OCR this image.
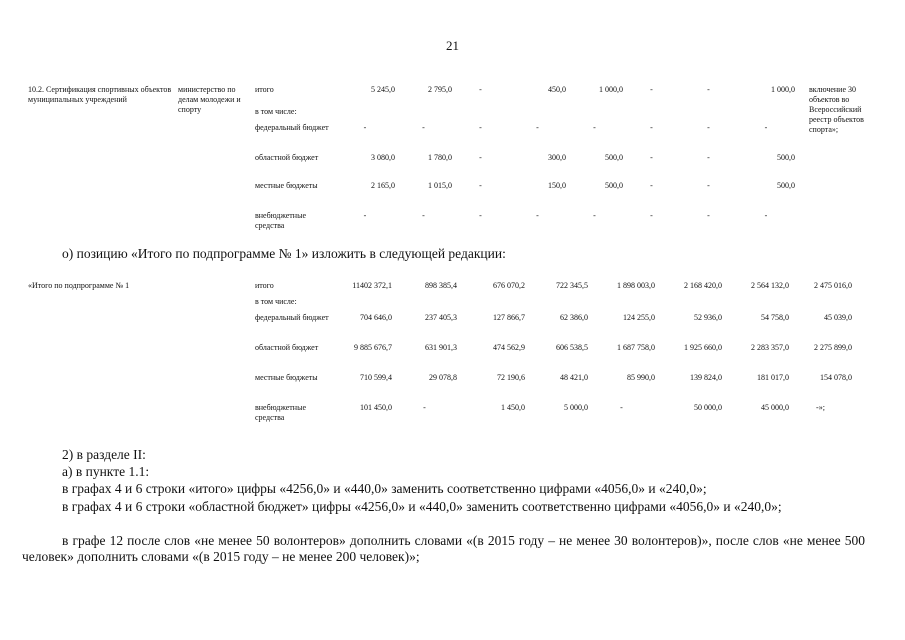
21
10.2. Сертификация спортивных объектов муниципальных учреждений	министерство по делам молодежи и спорту	итого	5 245,0	2 795,0	-	450,0	1 000,0	-	-	1 000,0	включение 30 объектов во Всероссийский реестр объектов спорта»;
		в том числе:									
		федеральный бюджет	-	-	-	-	-	-	-	-	
		областной бюджет	3 080,0	1 780,0	-	300,0	500,0	-	-	500,0	
		местные бюджеты	2 165,0	1 015,0	-	150,0	500,0	-	-	500,0	
		внебюджетные средства	-	-	-	-	-	-	-	-	
о) позицию «Итого по подпрограмме № 1» изложить в следующей редакции:
«Итого по подпрограмме № 1	итого	11402 372,1	898 385,4	676 070,2	722 345,5	1 898 003,0	2 168 420,0	2 564 132,0	2 475 016,0
	в том числе:								
	федеральный бюджет	704 646,0	237 405,3	127 866,7	62 386,0	124 255,0	52 936,0	54 758,0	45 039,0
	областной бюджет	9 885 676,7	631 901,3	474 562,9	606 538,5	1 687 758,0	1 925 660,0	2 283 357,0	2 275 899,0
	местные бюджеты	710 599,4	29 078,8	72 190,6	48 421,0	85 990,0	139 824,0	181 017,0	154 078,0
	внебюджетные средства	101 450,0	-	1 450,0	5 000,0	-	50 000,0	45 000,0	-»;
2) в разделе II:
а) в пункте 1.1:
в графах 4 и 6 строки «итого» цифры «4256,0» и «440,0» заменить соответственно цифрами «4056,0» и «240,0»;
в графах 4 и 6 строки «областной бюджет» цифры «4256,0» и «440,0» заменить соответственно цифрами «4056,0» и «240,0»;
в графе 12 после слов «не менее 50 волонтеров» дополнить словами «(в 2015 году – не менее 30 волонтеров)», после слов «не менее 500 человек» дополнить словами «(в 2015 году – не менее 200 человек)»;
